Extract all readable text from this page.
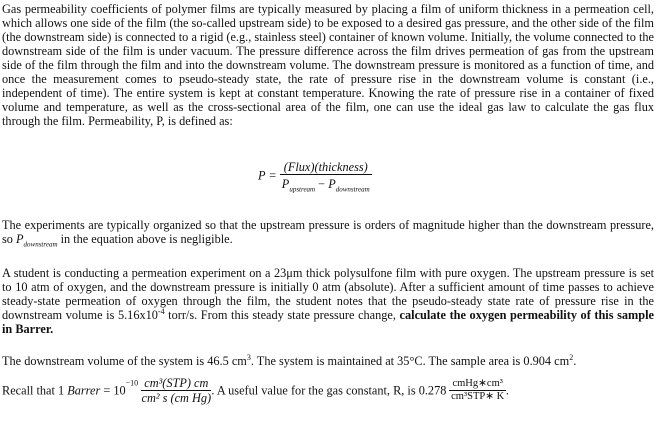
Gas permeability coefficients of polymer films are typically measured by placing a film of uniform thickness in a permeation cell, which allows one side of the film (the so-called upstream side) to be exposed to a desired gas pressure, and the other side of the film (the downstream side) is connected to a rigid (e.g., stainless steel) container of known volume. Initially, the volume connected to the downstream side of the film is under vacuum. The pressure difference across the film drives permeation of gas from the upstream side of the film through the film and into the downstream volume. The downstream pressure is monitored as a function of time, and once the measurement comes to pseudo-steady state, the rate of pressure rise in the downstream volume is constant (i.e., independent of time). The entire system is kept at constant temperature. Knowing the rate of pressure rise in a container of fixed volume and temperature, as well as the cross-sectional area of the film, one can use the ideal gas law to calculate the gas flux through the film. Permeability, P, is defined as:

$P = \frac{\text{(Flux)(thickness)}}{P_{upstream} - P_{downstream}}$

The experiments are typically organized so that the upstream pressure is orders of magnitude higher than the downstream pressure, so $P_{downstream}$ in the equation above is negligible.

A student is conducting a permeation experiment on a 23μm thick polysulfone film with pure oxygen. The upstream pressure is set to 10 atm of oxygen, and the downstream pressure is initially 0 atm (absolute). After a sufficient amount of time passes to achieve steady-state permeation of oxygen through the film, the student notes that the pseudo-steady state rate of pressure rise in the downstream volume is $5.16x10^{-4}$ torr/s. From this steady state pressure change, calculate the oxygen permeability of this sample in Barrer.

The downstream volume of the system is 46.5 $cm^3$. The system is maintained at 35°C. The sample area is 0.904 $cm^2$.

Recall that 1 Barrer = $10^{-10} \frac{\text{cm³(STP) cm}}{\text{cm² s (cm Hg)}}$ . A useful value for the gas constant, R, is $0.278 \frac{\text{cmHg∗cm³}}{\text{cm³STP∗ K}}$ .
